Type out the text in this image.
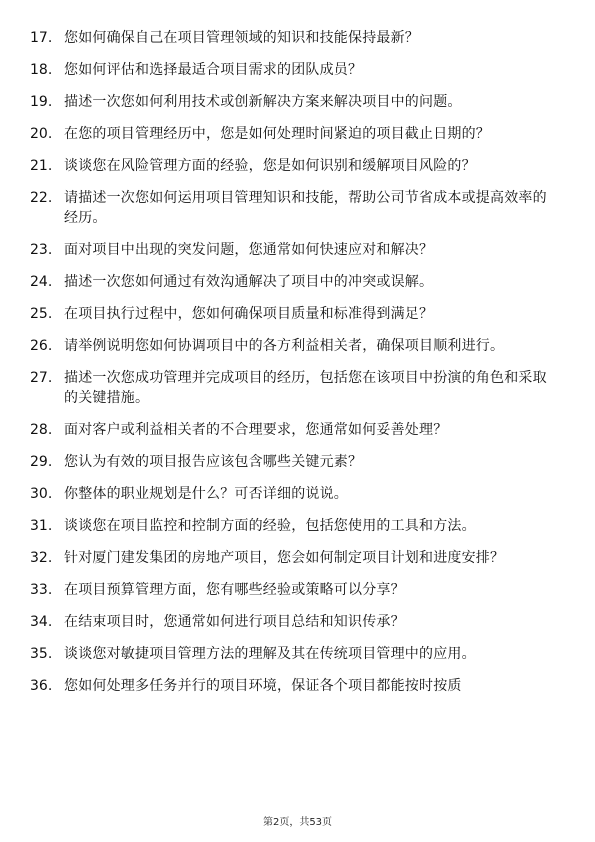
17. 您如何确保自己在项目管理领域的知识和技能保持最新？
18. 您如何评估和选择最适合项目需求的团队成员？
19. 描述一次您如何利用技术或创新解决方案来解决项目中的问题。
20. 在您的项目管理经历中，您是如何处理时间紧迫的项目截止日期的？
21. 谈谈您在风险管理方面的经验，您是如何识别和缓解项目风险的？
22. 请描述一次您如何运用项目管理知识和技能，帮助公司节省成本或提高效率的经历。
23. 面对项目中出现的突发问题，您通常如何快速应对和解决？
24. 描述一次您如何通过有效沟通解决了项目中的冲突或误解。
25. 在项目执行过程中，您如何确保项目质量和标准得到满足？
26. 请举例说明您如何协调项目中的各方利益相关者，确保项目顺利进行。
27. 描述一次您成功管理并完成项目的经历，包括您在该项目中扮演的角色和采取的关键措施。
28. 面对客户或利益相关者的不合理要求，您通常如何妥善处理？
29. 您认为有效的项目报告应该包含哪些关键元素？
30. 你整体的职业规划是什么？可否详细的说说。
31. 谈谈您在项目监控和控制方面的经验，包括您使用的工具和方法。
32. 针对厦门建发集团的房地产项目，您会如何制定项目计划和进度安排？
33. 在项目预算管理方面，您有哪些经验或策略可以分享？
34. 在结束项目时，您通常如何进行项目总结和知识传承？
35. 谈谈您对敏捷项目管理方法的理解及其在传统项目管理中的应用。
36. 您如何处理多任务并行的项目环境，保证各个项目都能按时按质
第2页，共53页
